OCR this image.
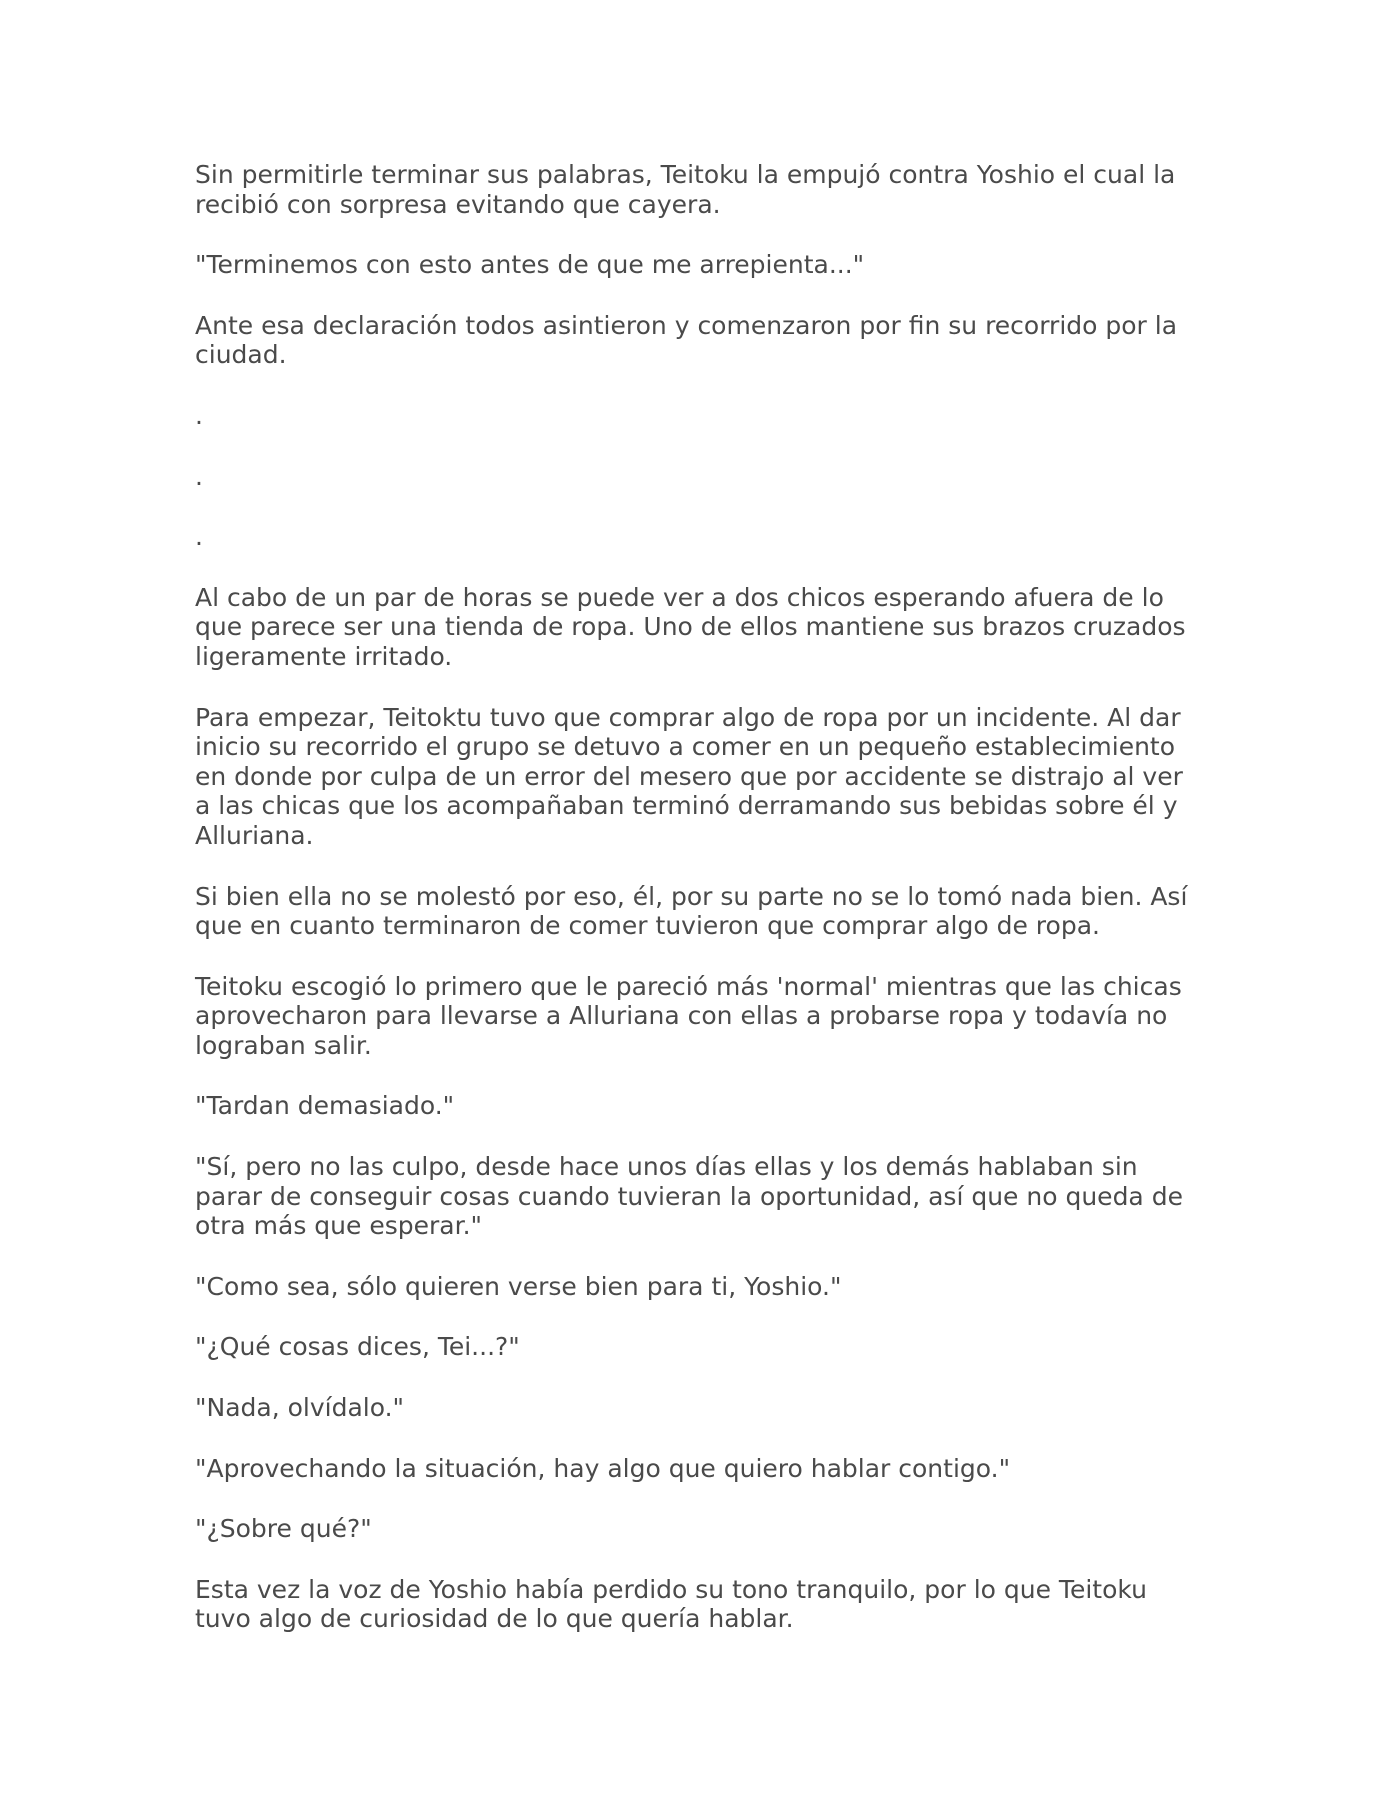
Sin permitirle terminar sus palabras, Teitoku la empujó contra Yoshio el cual la recibió con sorpresa evitando que cayera.

"Terminemos con esto antes de que me arrepienta..."

Ante esa declaración todos asintieron y comenzaron por fin su recorrido por la ciudad.

.

.

.

Al cabo de un par de horas se puede ver a dos chicos esperando afuera de lo que parece ser una tienda de ropa. Uno de ellos mantiene sus brazos cruzados ligeramente irritado.

Para empezar, Teitoktu tuvo que comprar algo de ropa por un incidente. Al dar inicio su recorrido el grupo se detuvo a comer en un pequeño establecimiento en donde por culpa de un error del mesero que por accidente se distrajo al ver a las chicas que los acompañaban terminó derramando sus bebidas sobre él y Alluriana.

Si bien ella no se molestó por eso, él, por su parte no se lo tomó nada bien. Así que en cuanto terminaron de comer tuvieron que comprar algo de ropa.

Teitoku escogió lo primero que le pareció más 'normal' mientras que las chicas aprovecharon para llevarse a Alluriana con ellas a probarse ropa y todavía no lograban salir.

"Tardan demasiado."

"Sí, pero no las culpo, desde hace unos días ellas y los demás hablaban sin parar de conseguir cosas cuando tuvieran la oportunidad, así que no queda de otra más que esperar."

"Como sea, sólo quieren verse bien para ti, Yoshio."

"¿Qué cosas dices, Tei...?"

"Nada, olvídalo."

"Aprovechando la situación, hay algo que quiero hablar contigo."

"¿Sobre qué?"

Esta vez la voz de Yoshio había perdido su tono tranquilo, por lo que Teitoku tuvo algo de curiosidad de lo que quería hablar.
